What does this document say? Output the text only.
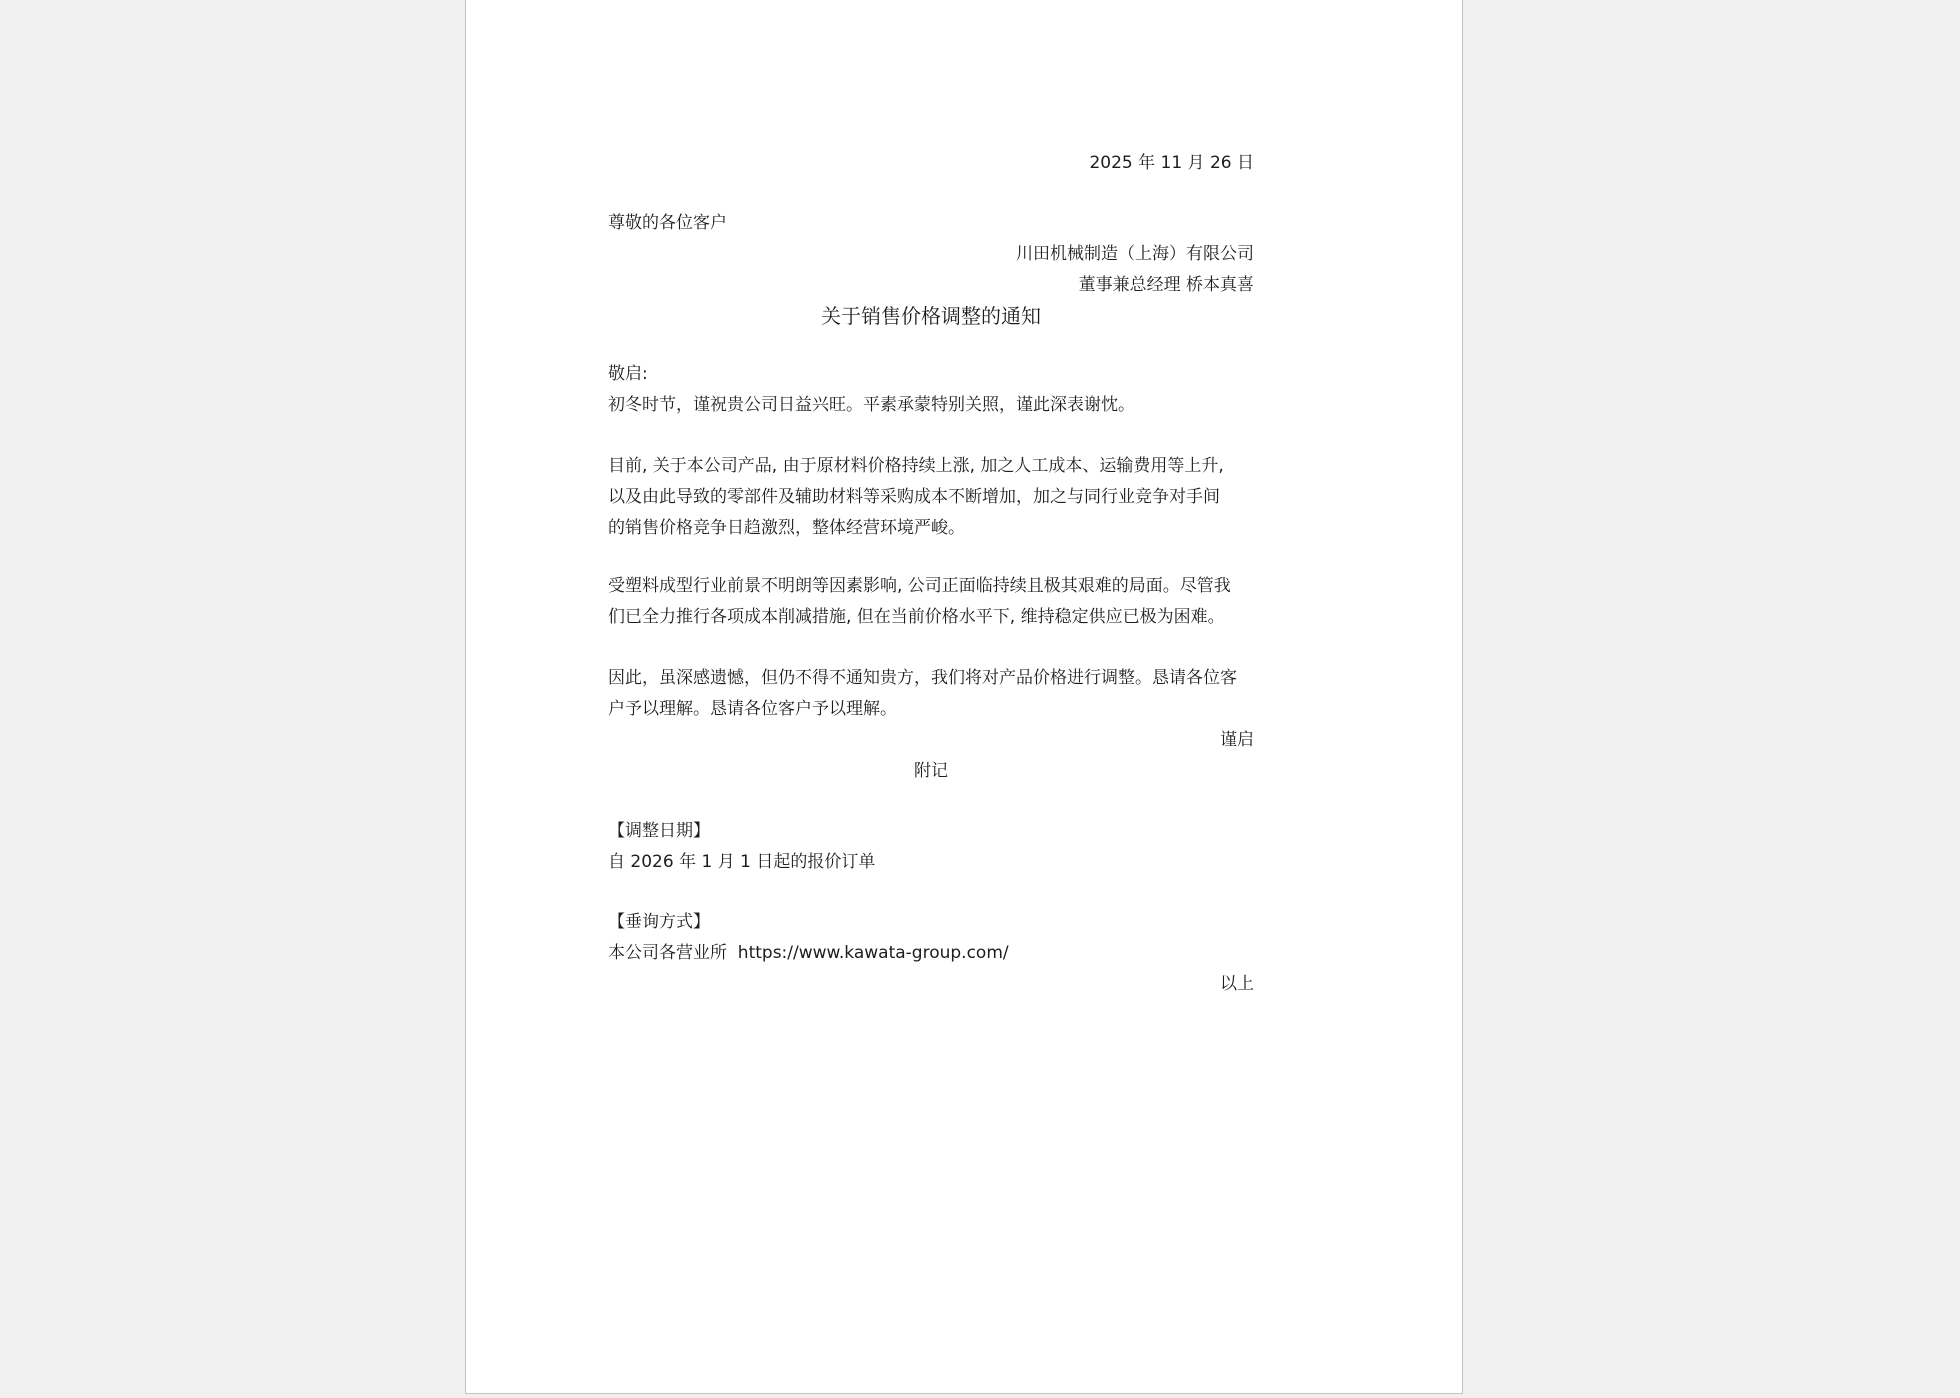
2025 年 11 月 26 日

尊敬的各位客户

川田机械制造（上海）有限公司

董事兼总经理 桥本真喜

关于销售价格调整的通知

敬启:

初冬时节，谨祝贵公司日益兴旺。平素承蒙特别关照，谨此深表谢忱。

目前, 关于本公司产品, 由于原材料价格持续上涨, 加之人工成本、运输费用等上升,

以及由此导致的零部件及辅助材料等采购成本不断增加，加之与同行业竞争对手间

的销售价格竞争日趋激烈，整体经营环境严峻。

受塑料成型行业前景不明朗等因素影响, 公司正面临持续且极其艰难的局面。尽管我

们已全力推行各项成本削减措施, 但在当前价格水平下, 维持稳定供应已极为困难。

因此，虽深感遗憾，但仍不得不通知贵方，我们将对产品价格进行调整。恳请各位客

户予以理解。恳请各位客户予以理解。

谨启

附记

【调整日期】

自 2026 年 1 月 1 日起的报价订单

【垂询方式】

本公司各营业所  https://www.kawata-group.com/

以上
